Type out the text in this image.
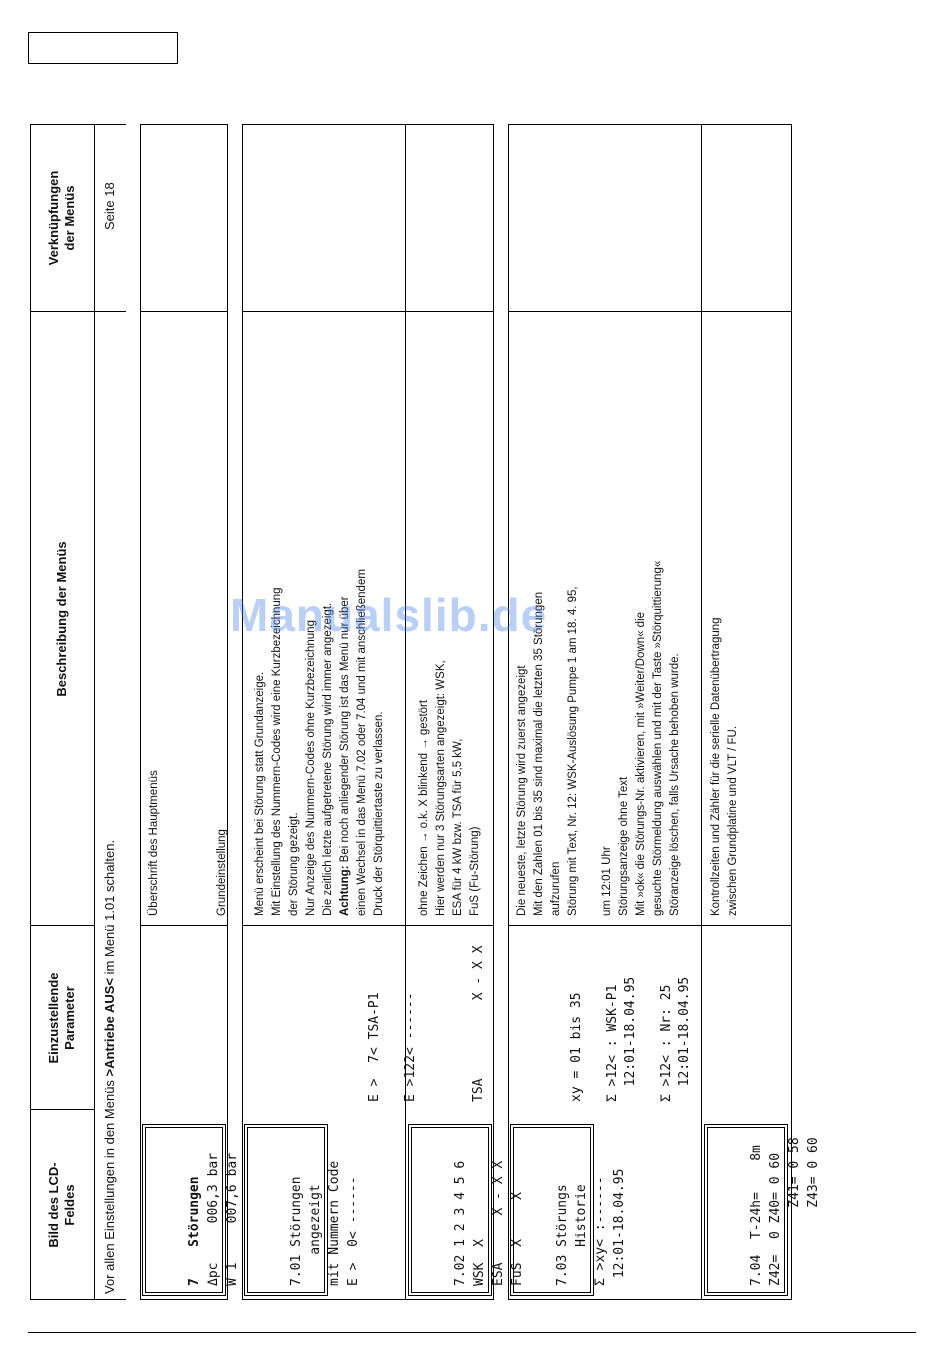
Bild des LCD- Feldes
Einzustellende Parameter
Beschreibung der Menüs
Verknüpfungen der Menüs
Vor allen Einstellungen in den Menüs >Antriebe AUS< im Menü 1.01 schalten.
Seite 18

7    Störungen Δpc     006,3 bar W 1     007,6 bar

Überschrift des Hauptmenüs

	Grundeinstellung

7.01 Störungen angezeigt mit Nummern Code E >  0< ------

E >  7< TSA-P1
E >122< ------

Menü erscheint bei Störung statt Grundanzeige. Mit Einstellung des Nummern-Codes wird eine Kurzbezeichnung der Störung gezeigt. Nur Anzeige des Nummern-Codes ohne Kurzbezeichnung Die zeitlich letzte aufgetretene Störung wird immer angezeigt. Achtung: Bei noch anliegender Störung ist das Menü nur über einen Wechsel in das Menü 7.02 oder 7.04 und mit anschließendem Druck der Störquittiertaste zu verlassen.

7.02 1 2 3 4 5 6 WSK  X ESA      X - X X FuS  X     X

TSA          X - X X

ohne Zeichen → o.k. X blinkend → gestört Hier werden nur 3 Störungsarten angezeigt: WSK, ESA für 4 kW bzw. TSA für 5,5 kW, FuS (Fu-Störung)

7.03 Störungs Historie Σ >xy< :------ 12:01-18.04.95

xy = 01 bis 35
Σ >12< : WSK-P1 12:01-18.04.95
Σ >12< : Nr: 25 12:01-18.04.95

Die neueste, letzte Störung wird zuerst angezeigt Mit den Zahlen 01 bis 35 sind maximal die letzten 35 Störungen aufzurufen Störung mit Text, Nr. 12: WSK-Auslösung Pumpe 1 am 18. 4. 95,
um 12:01 Uhr Störungsanzeige ohne Text Mit »ok« die Störungs-Nr. aktivieren, mit »Weiter/Down« die gesuchte Störmeldung auswählen und mit der Taste »Störquittierung« Störanzeige löschen, falls Ursache behoben wurde.

7.04  T-24h=    8m Z42=  0 Z40= 0 60 Z41= 0 58 Z43= 0 60

Kontrollzeiten und Zähler für die serielle Datenübertragung zwischen Grundplatine und VLT / FU.
Manualslib.de
